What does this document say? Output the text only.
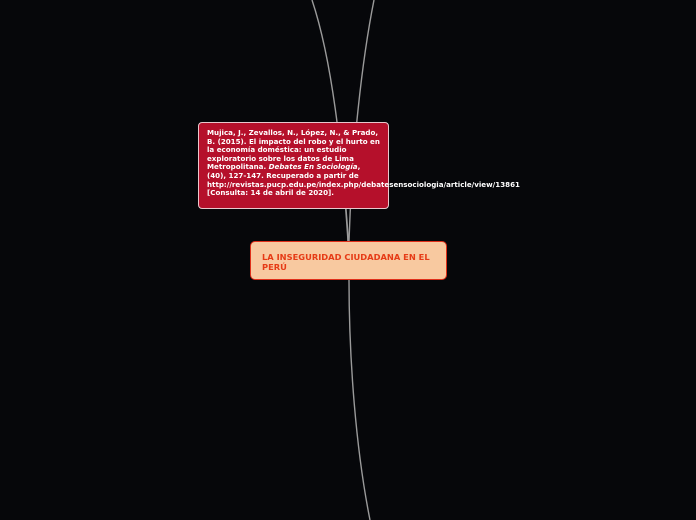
Mujica, J., Zevallos, N., López, N., & Prado, B. (2015). El impacto del robo y el hurto en la economía doméstica: un estudio exploratorio sobre los datos de Lima Metropolitana. Debates En Sociología, (40), 127-147. Recuperado a partir de http://revistas.pucp.edu.pe/index.php/debatesensociologia/article/view/13861 [Consulta: 14 de abril de 2020].
LA INSEGURIDAD CIUDADANA EN EL PERÚ
